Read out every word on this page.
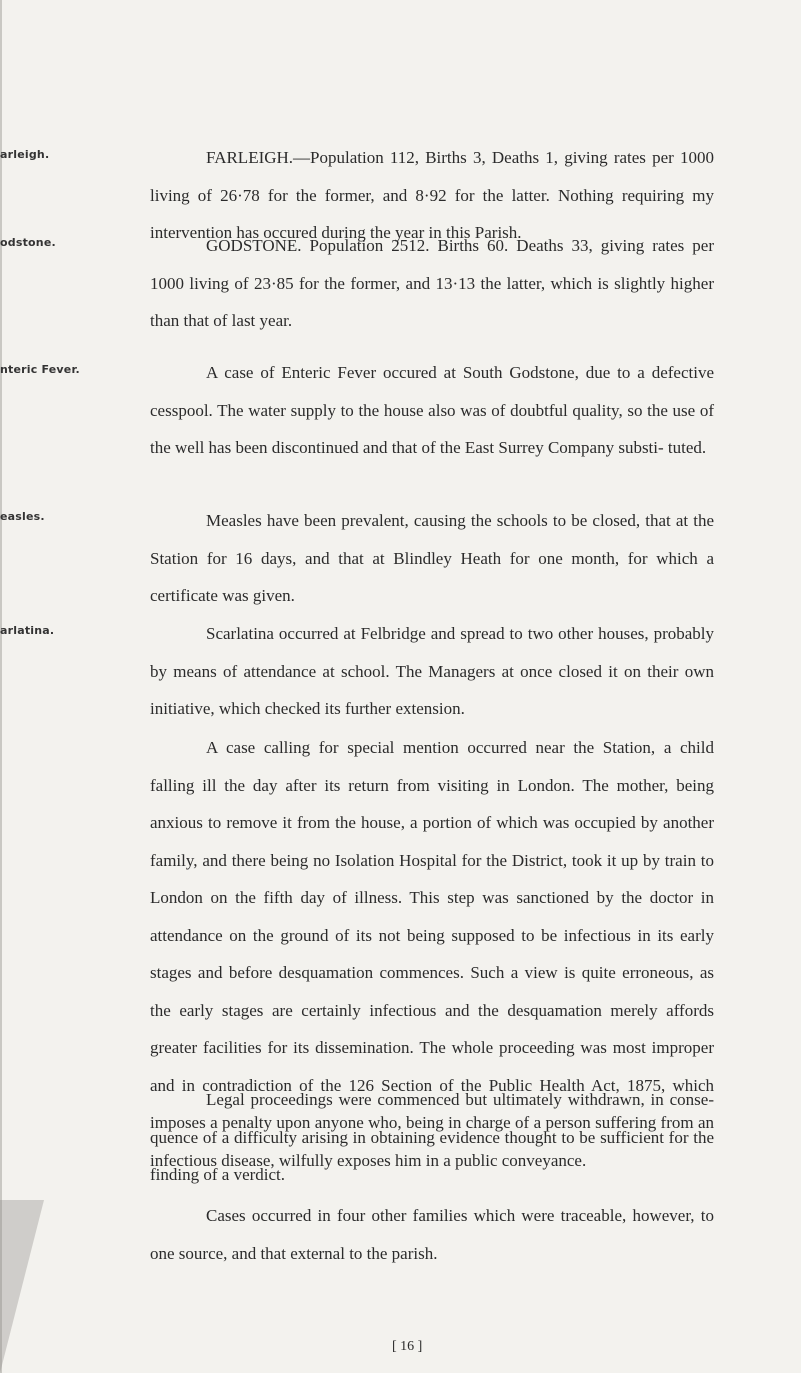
arleigh.
odstone.
nteric Fever.
easles.
arlatina.

FARLEIGH.—Population 112, Births 3, Deaths 1, giving rates per 1000 living of 26·78 for the former, and 8·92 for the latter. Nothing requiring my intervention has occured during the year in this Parish.

GODSTONE. Population 2512. Births 60. Deaths 33, giving rates per 1000 living of 23·85 for the former, and 13·13 the latter, which is slightly higher than that of last year.

A case of Enteric Fever occured at South Godstone, due to a defective cesspool. The water supply to the house also was of doubtful quality, so the use of the well has been discontinued and that of the East Surrey Company substi- tuted.

Measles have been prevalent, causing the schools to be closed, that at the Station for 16 days, and that at Blindley Heath for one month, for which a certificate was given.

Scarlatina occurred at Felbridge and spread to two other houses, probably by means of attendance at school. The Managers at once closed it on their own initiative, which checked its further extension.

A case calling for special mention occurred near the Station, a child falling ill the day after its return from visiting in London. The mother, being anxious to remove it from the house, a portion of which was occupied by another family, and there being no Isolation Hospital for the District, took it up by train to London on the fifth day of illness. This step was sanctioned by the doctor in attendance on the ground of its not being supposed to be infectious in its early stages and before desquamation commences. Such a view is quite erroneous, as the early stages are certainly infectious and the desquamation merely affords greater facilities for its dissemination. The whole proceeding was most improper and in contradiction of the 126 Section of the Public Health Act, 1875, which imposes a penalty upon anyone who, being in charge of a person suffering from an infectious disease, wilfully exposes him in a public conveyance.

Legal proceedings were commenced but ultimately withdrawn, in conse- quence of a difficulty arising in obtaining evidence thought to be sufficient for the finding of a verdict.

Cases occurred in four other families which were traceable, however, to one source, and that external to the parish.

[ 16 ]
